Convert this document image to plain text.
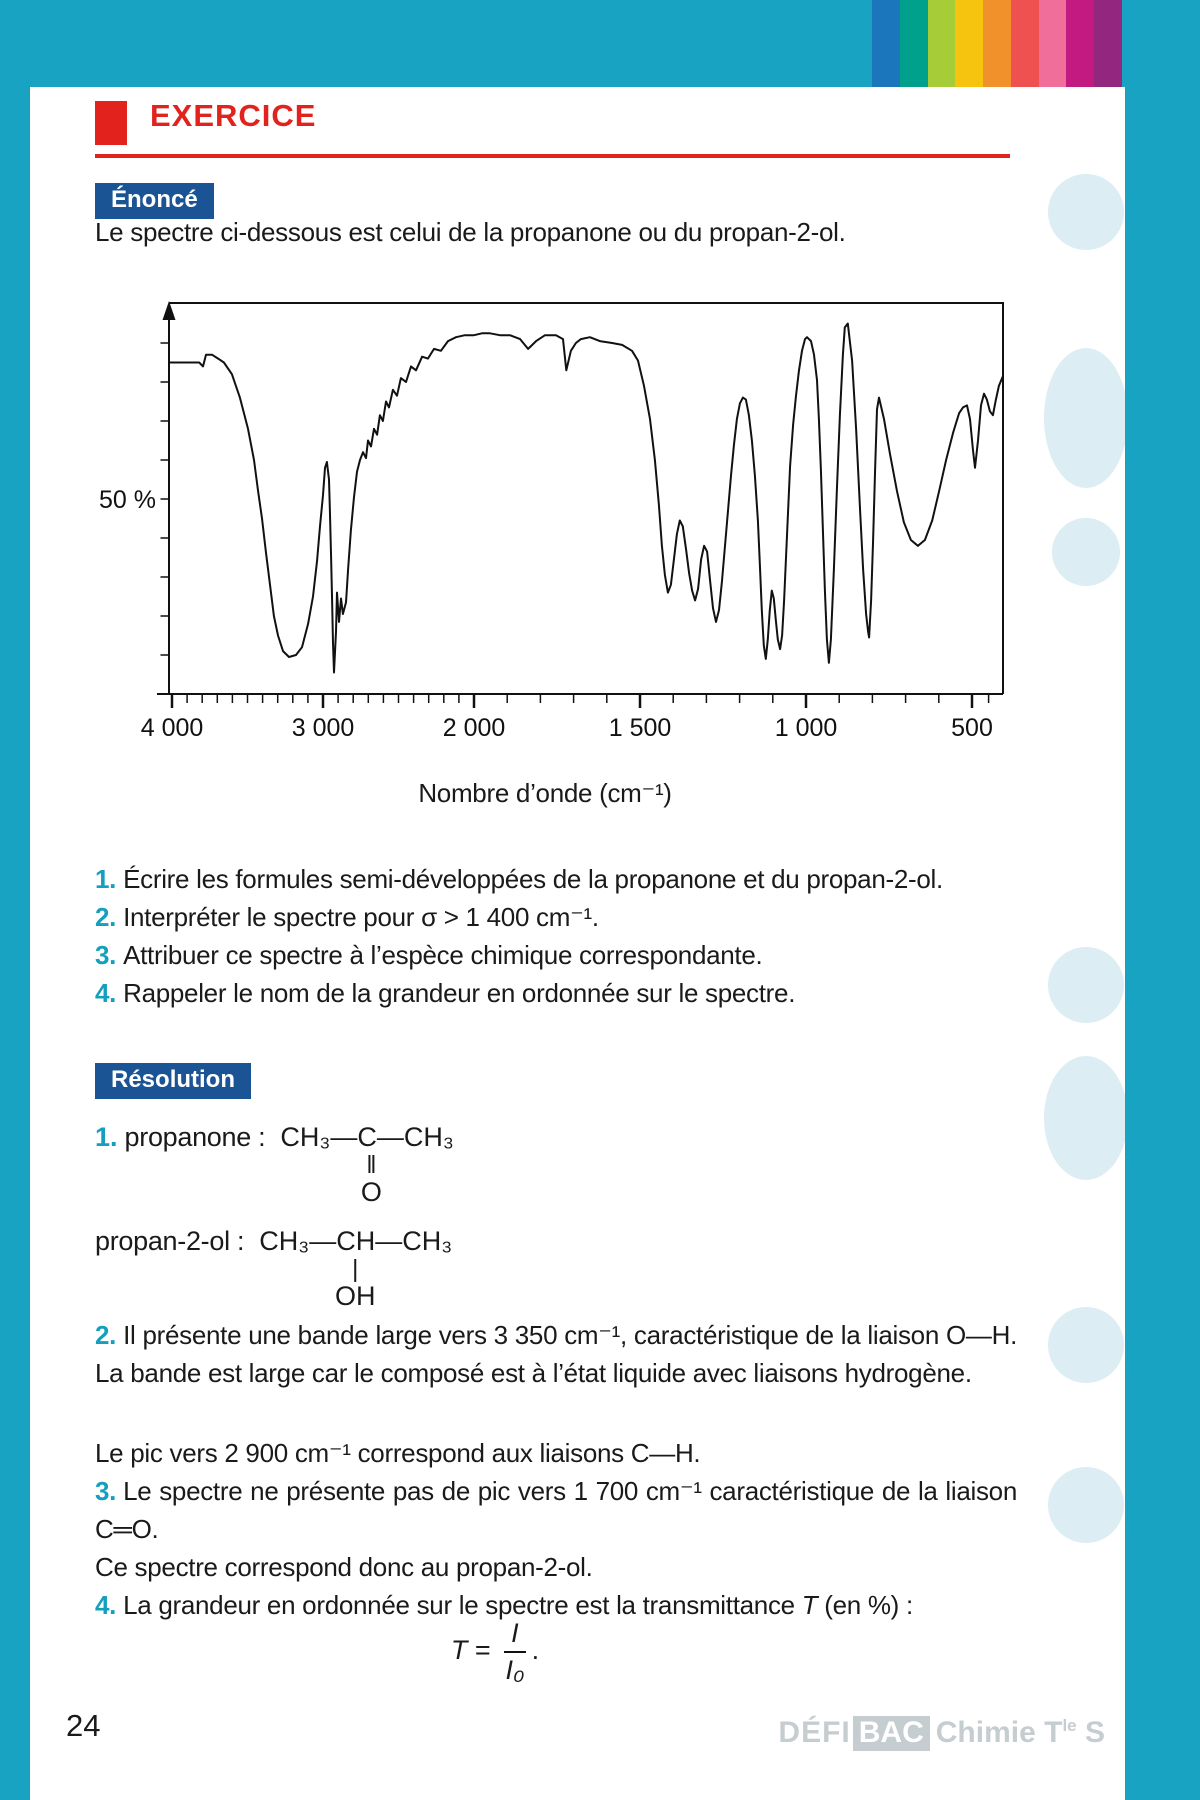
EXERCICE
Énoncé

Le spectre ci-dessous est celui de la propanone ou du propan-2-ol.

50 %
4 000	3 000	2 000	1 500	1 000	500

Nombre d’onde (cm⁻¹)

1. Écrire les formules semi-développées de la propanone et du propan-2-ol.

2. Interpréter le spectre pour σ > 1 400 cm⁻¹.

3. Attribuer ce spectre à l’espèce chimique correspondante.

4. Rappeler le nom de la grandeur en ordonnée sur le spectre.

Résolution
1. propanone : CH₃—C—CH₃
‖
O
propan-2-ol : CH₃—CH—CH₃
|
OH

2. Il présente une bande large vers 3 350 cm⁻¹, caractéristique de la liaison O—H. La bande est large car le composé est à l’état liquide avec liaisons hydrogène.

Le pic vers 2 900 cm⁻¹ correspond aux liaisons C—H.

3. Le spectre ne présente pas de pic vers 1 700 cm⁻¹ caractéristique de la liaison C═O.

Ce spectre correspond donc au propan-2-ol.

4. La grandeur en ordonnée sur le spectre est la transmittance T (en %) :

$T = \frac{I}{\text{I₀}}$ .
24	DÉFI BAC Chimie $T^{le}$ S
